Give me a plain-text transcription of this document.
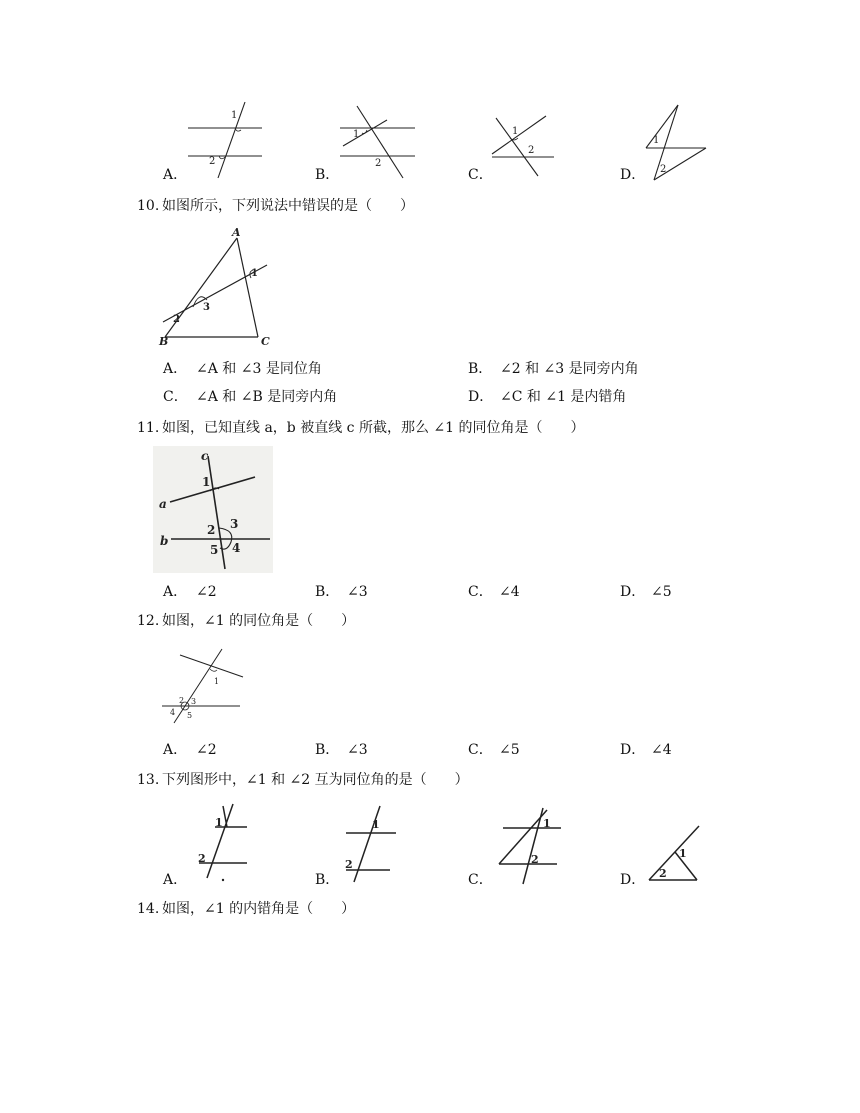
1
2
A．
1
2
B．
1
2
C．
1
2
D．
10. 如图所示，下列说法中错误的是（　　）
A
B	C
1
2
3
A． ∠A 和 ∠3 是同位角	B． ∠2 和 ∠3 是同旁内角
C． ∠A 和 ∠B 是同旁内角	D． ∠C 和 ∠1 是内错角
11. 如图，已知直线 a，b 被直线 c 所截，那么 ∠1 的同位角是（　　）
c
a
b
1
2 3
4
5
A． ∠2	B． ∠3	C． ∠4	D． ∠5
12. 如图，∠1 的同位角是（　　）
1
2 3
4 5
A． ∠2	B． ∠3	C． ∠5	D． ∠4
13. 下列图形中，∠1 和 ∠2 互为同位角的是（　　）
1
2
A．
1
2
B．
1
2
C．
1
2
D．
14. 如图，∠1 的内错角是（　　）
